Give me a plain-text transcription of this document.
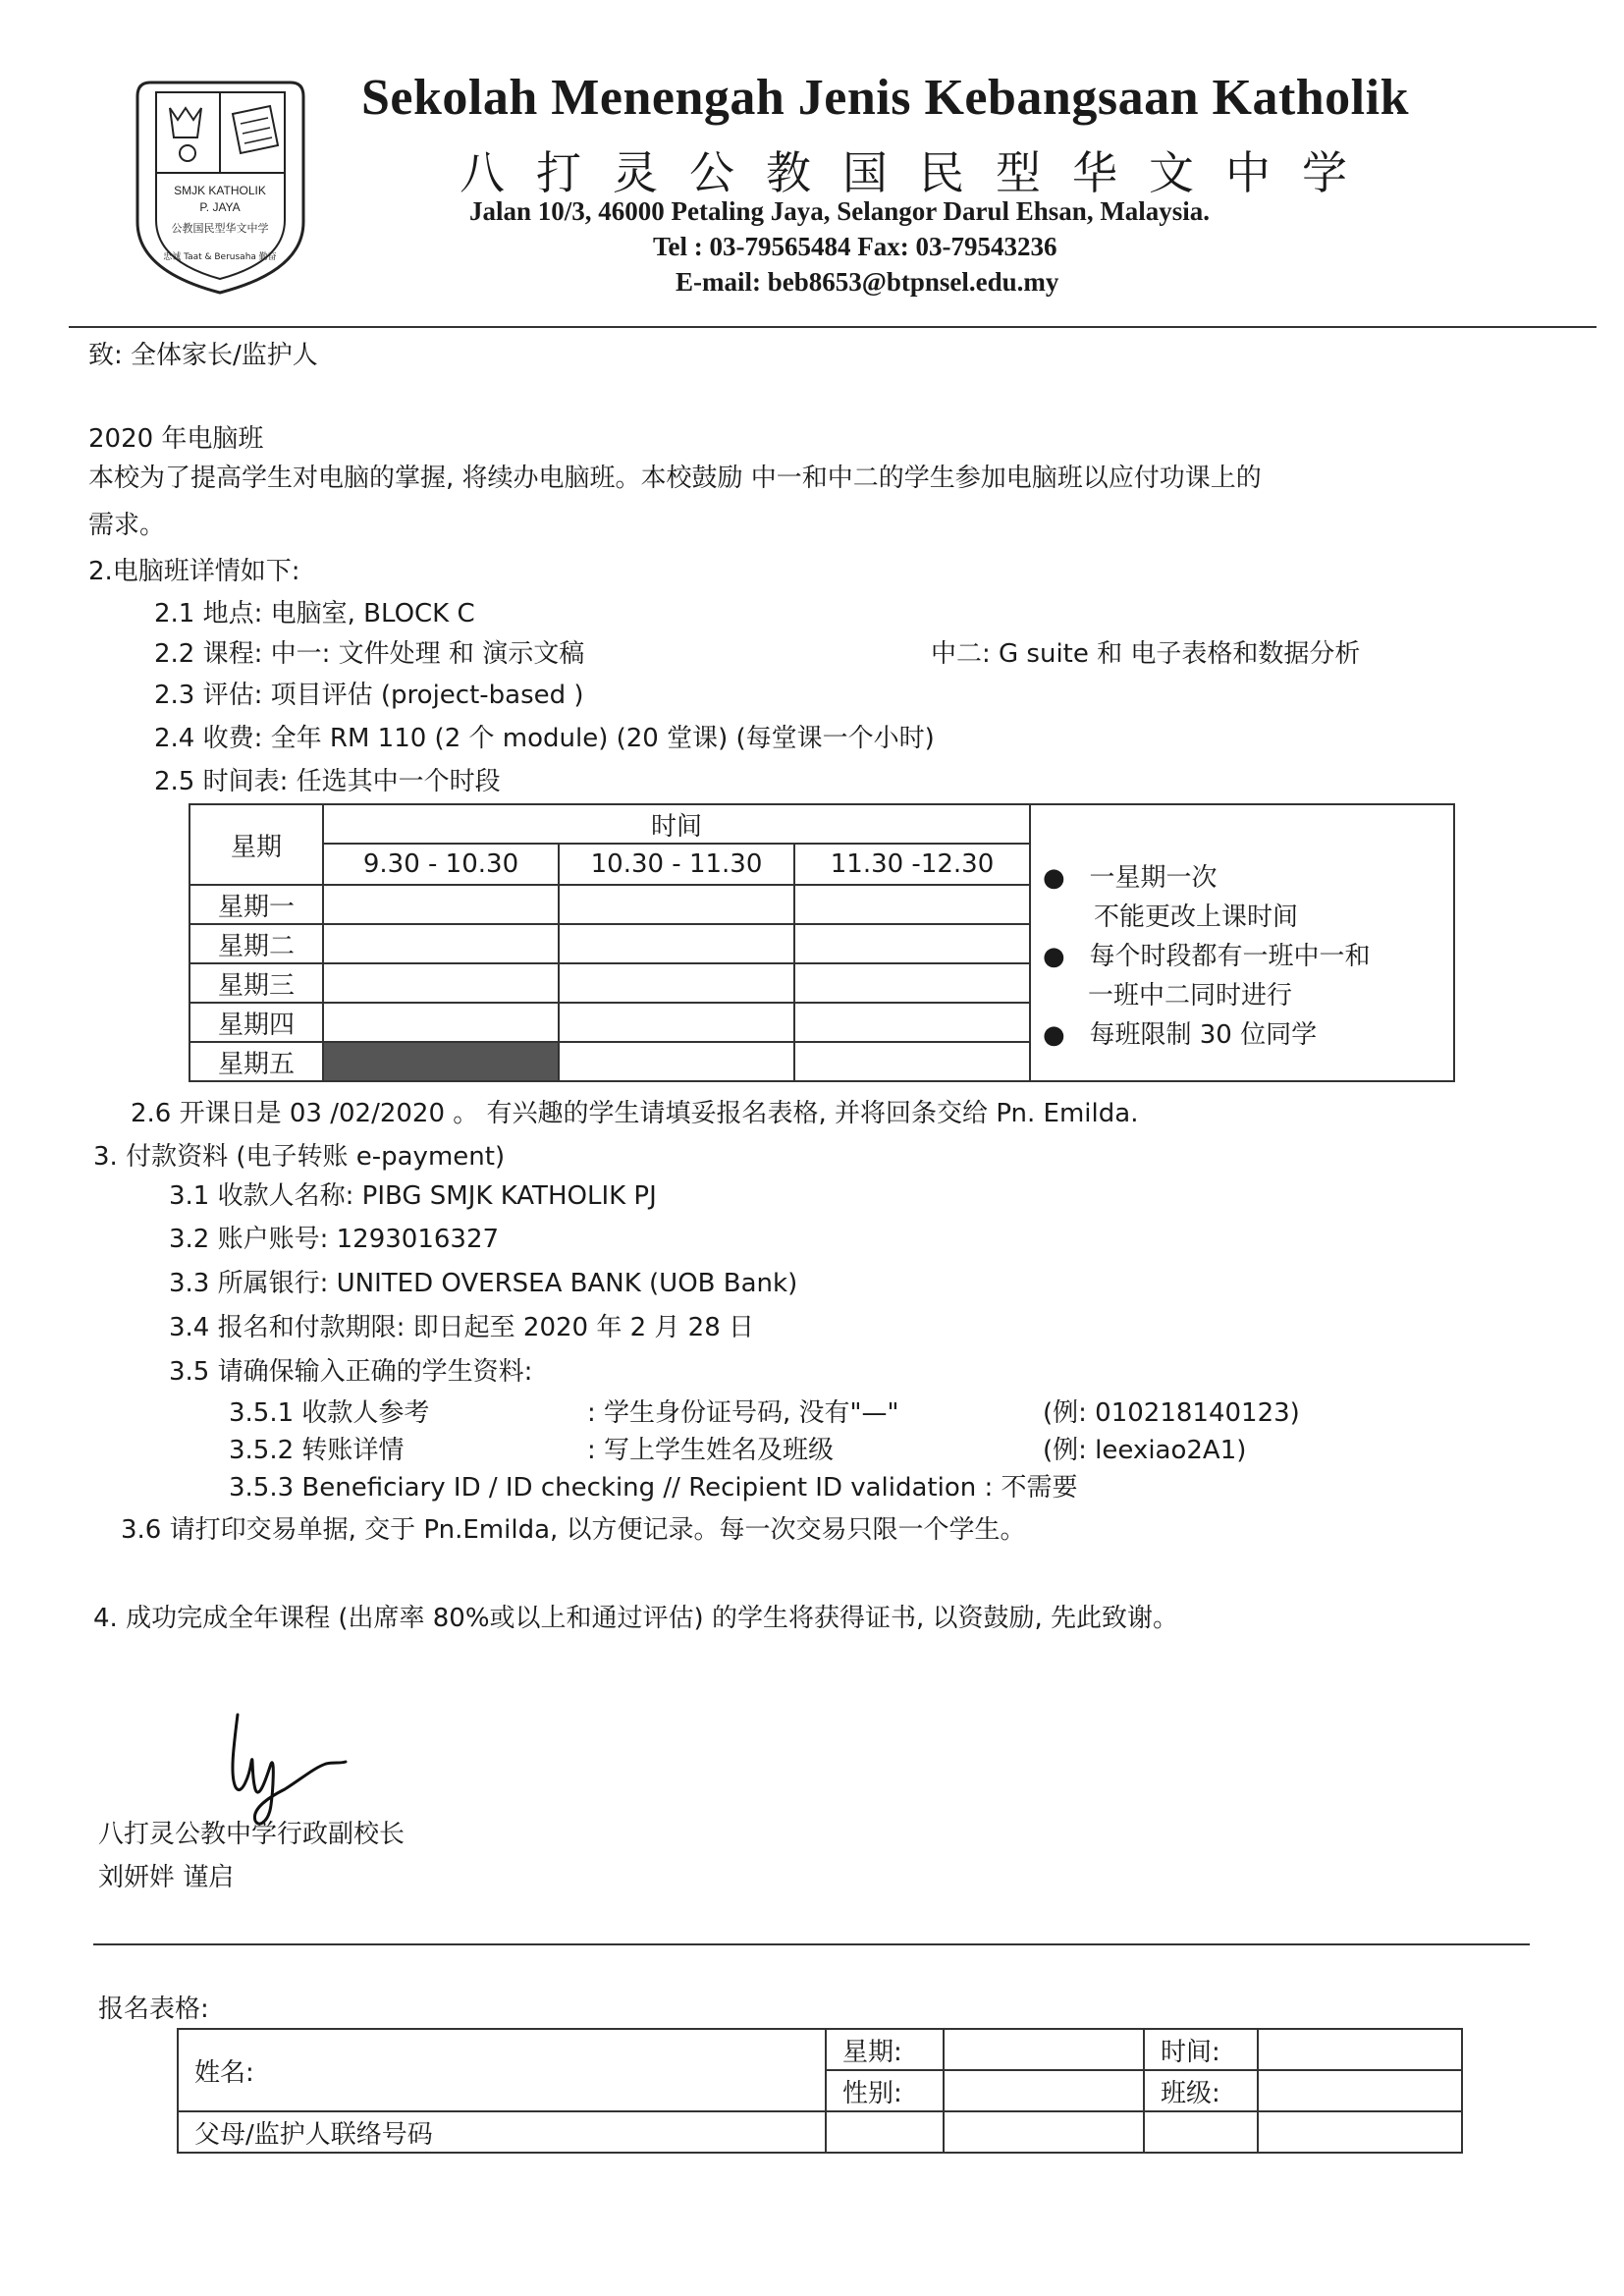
SMJK KATHOLIK
P. JAYA
公教国民型华文中学
忠诚 Taat & Berusaha 勤奋
Sekolah Menengah Jenis Kebangsaan Katholik
八打灵公教国民型华文中学
Jalan 10/3, 46000 Petaling Jaya, Selangor Darul Ehsan, Malaysia.
Tel : 03-79565484 Fax: 03-79543236
E-mail: beb8653@btpnsel.edu.my
致: 全体家长/监护人
2020 年电脑班
本校为了提高学生对电脑的掌握, 将续办电脑班。本校鼓励 中一和中二的学生参加电脑班以应付功课上的
需求。
2.电脑班详情如下:
2.1 地点: 电脑室, BLOCK C
2.2 课程: 中一: 文件处理 和 演示文稿	中二: G suite 和 电子表格和数据分析
2.3 评估: 项目评估 (project-based )
2.4 收费: 全年 RM 110 (2 个 module) (20 堂课) (每堂课一个小时)
2.5 时间表: 任选其中一个时段
星期	时间			●   一星期一次
不能更改上课时间
●   每个时段都有一班中一和
一班中二同时进行
●   每班限制 30 位同学

	9.30 - 10.30	10.30 - 11.30	11.30 -12.30	
星期一				
星期二				
星期三				
星期四				
星期五				
2.6 开课日是 03 /02/2020 。 有兴趣的学生请填妥报名表格, 并将回条交给 Pn. Emilda.
3. 付款资料 (电子转账 e-payment)
3.1 收款人名称: PIBG SMJK KATHOLIK PJ
3.2 账户账号: 1293016327
3.3 所属银行: UNITED OVERSEA BANK (UOB Bank)
3.4 报名和付款期限: 即日起至 2020 年 2 月 28 日
3.5 请确保输入正确的学生资料:
3.5.1 收款人参考	: 学生身份证号码, 没有"—"	(例: 010218140123)
3.5.2 转账详情	: 写上学生姓名及班级	(例: leexiao2A1)
3.5.3 Beneficiary ID / ID checking // Recipient ID validation : 不需要
3.6 请打印交易单据, 交于 Pn.Emilda, 以方便记录。每一次交易只限一个学生。
4. 成功完成全年课程 (出席率 80%或以上和通过评估) 的学生将获得证书, 以资鼓励, 先此致谢。
八打灵公教中学行政副校长
刘妍姅 谨启
报名表格:
姓名:	星期:		时间:	
	性别:		班级:	
父母/监护人联络号码				
